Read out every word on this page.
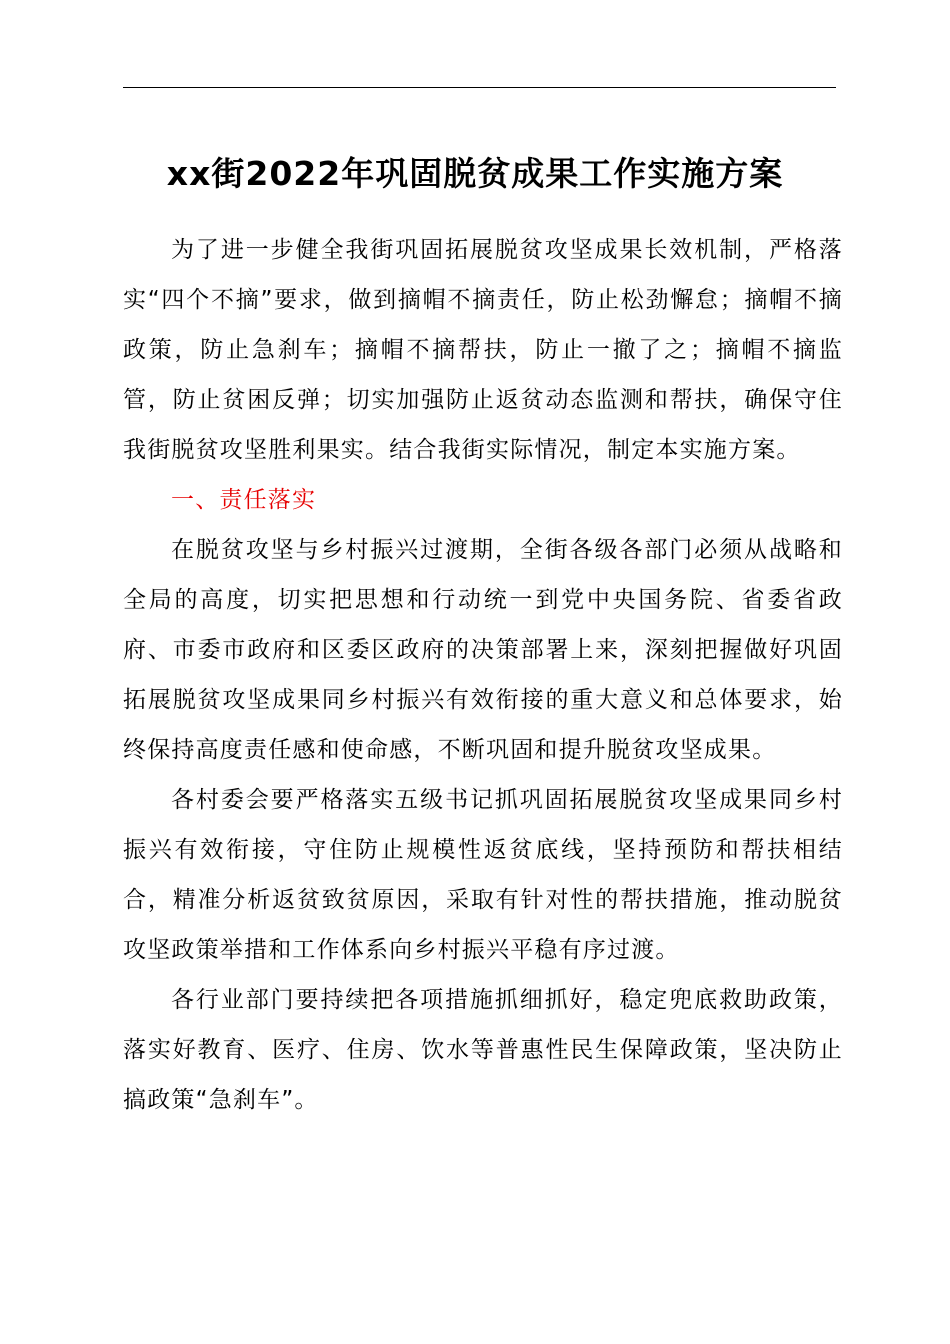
xx街2022年巩固脱贫成果工作实施方案

为了进一步健全我街巩固拓展脱贫攻坚成果长效机制，严格落实“四个不摘”要求，做到摘帽不摘责任，防止松劲懈怠；摘帽不摘政策，防止急刹车；摘帽不摘帮扶，防止一撤了之；摘帽不摘监管，防止贫困反弹；切实加强防止返贫动态监测和帮扶，确保守住我街脱贫攻坚胜利果实。结合我街实际情况，制定本实施方案。

一、责任落实

在脱贫攻坚与乡村振兴过渡期，全街各级各部门必须从战略和全局的高度，切实把思想和行动统一到党中央国务院、省委省政府、市委市政府和区委区政府的决策部署上来，深刻把握做好巩固拓展脱贫攻坚成果同乡村振兴有效衔接的重大意义和总体要求，始终保持高度责任感和使命感，不断巩固和提升脱贫攻坚成果。

各村委会要严格落实五级书记抓巩固拓展脱贫攻坚成果同乡村振兴有效衔接，守住防止规模性返贫底线，坚持预防和帮扶相结合，精准分析返贫致贫原因，采取有针对性的帮扶措施，推动脱贫攻坚政策举措和工作体系向乡村振兴平稳有序过渡。

各行业部门要持续把各项措施抓细抓好，稳定兜底救助政策，落实好教育、医疗、住房、饮水等普惠性民生保障政策，坚决防止搞政策“急刹车”。
